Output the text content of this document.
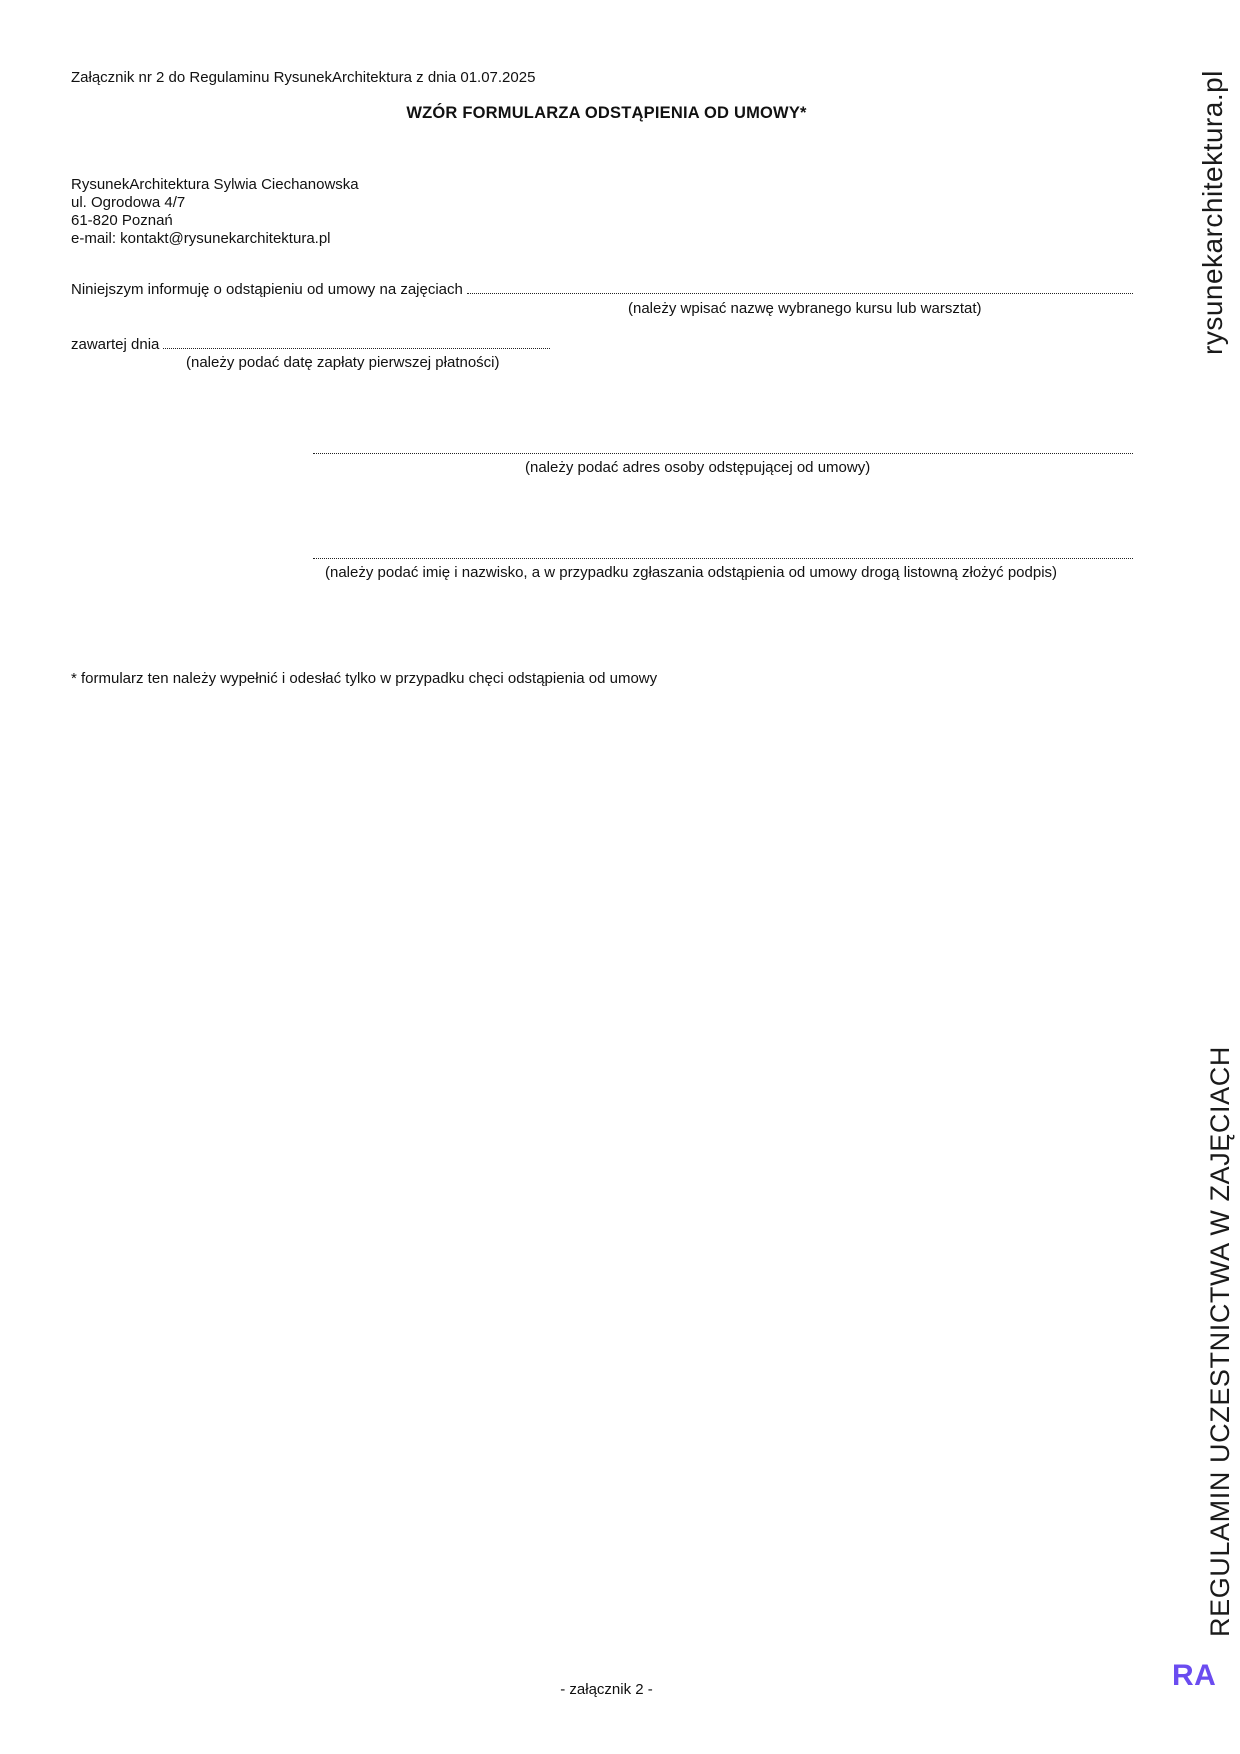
Załącznik nr 2 do Regulaminu RysunekArchitektura z dnia 01.07.2025
WZÓR FORMULARZA ODSTĄPIENIA OD UMOWY*
RysunekArchitektura Sylwia Ciechanowska
ul. Ogrodowa 4/7
61-820 Poznań
e-mail: kontakt@rysunekarchitektura.pl
Niniejszym informuję o odstąpieniu od umowy na zajęciach
(należy wpisać nazwę wybranego kursu lub warsztat)
zawartej dnia
(należy podać datę zapłaty pierwszej płatności)
(należy podać adres osoby odstępującej od umowy)
(należy podać imię i nazwisko, a w przypadku zgłaszania odstąpienia od umowy drogą listowną złożyć podpis)
* formularz ten należy wypełnić i odesłać tylko w przypadku chęci odstąpienia od umowy
- załącznik 2 -
rysunekarchitektura.pl
REGULAMIN UCZESTNICTWA W ZAJĘCIACH
RA
